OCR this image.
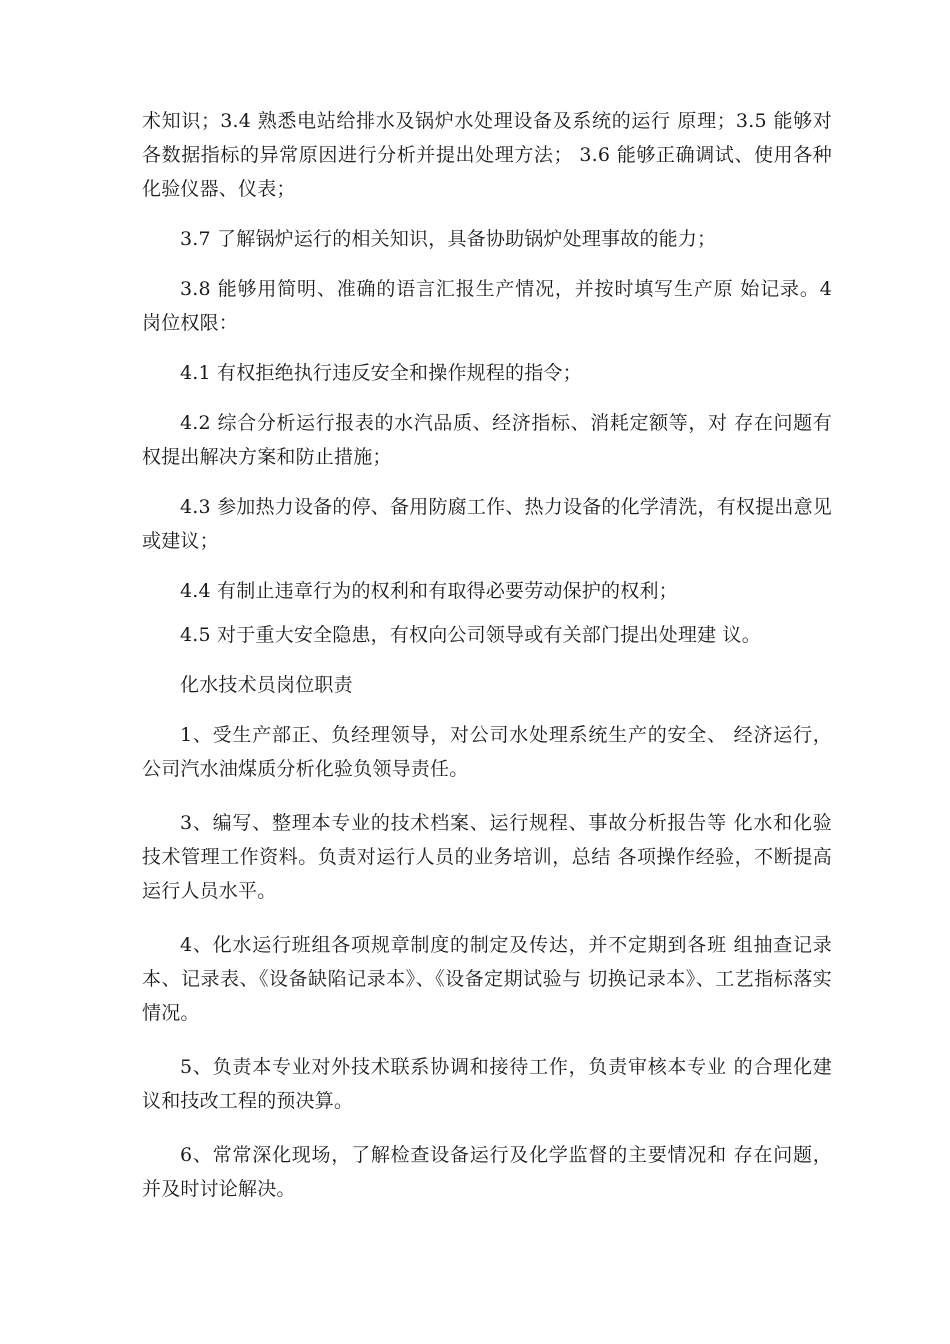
术知识；3.4 熟悉电站给排水及锅炉水处理设备及系统的运行 原理；3.5 能够对各数据指标的异常原因进行分析并提出处理方法； 3.6 能够正确调试、使用各种化验仪器、仪表；

3.7 了解锅炉运行的相关知识，具备协助锅炉处理事故的能力；

3.8 能够用简明、准确的语言汇报生产情况，并按时填写生产原 始记录。4 岗位权限：

4.1 有权拒绝执行违反安全和操作规程的指令；

4.2 综合分析运行报表的水汽品质、经济指标、消耗定额等，对 存在问题有权提出解决方案和防止措施；

4.3 参加热力设备的停、备用防腐工作、热力设备的化学清洗，有权提出意见或建议；

4.4 有制止违章行为的权利和有取得必要劳动保护的权利；

4.5 对于重大安全隐患，有权向公司领导或有关部门提出处理建 议。

化水技术员岗位职责

1、受生产部正、负经理领导，对公司水处理系统生产的安全、 经济运行，公司汽水油煤质分析化验负领导责任。

3、编写、整理本专业的技术档案、运行规程、事故分析报告等 化水和化验技术管理工作资料。负责对运行人员的业务培训，总结 各项操作经验，不断提高运行人员水平。

4、化水运行班组各项规章制度的制定及传达，并不定期到各班 组抽查记录本、记录表、《设备缺陷记录本》、《设备定期试验与 切换记录本》、工艺指标落实情况。

5、负责本专业对外技术联系协调和接待工作，负责审核本专业 的合理化建议和技改工程的预决算。

6、常常深化现场，了解检查设备运行及化学监督的主要情况和 存在问题，并及时讨论解决。
